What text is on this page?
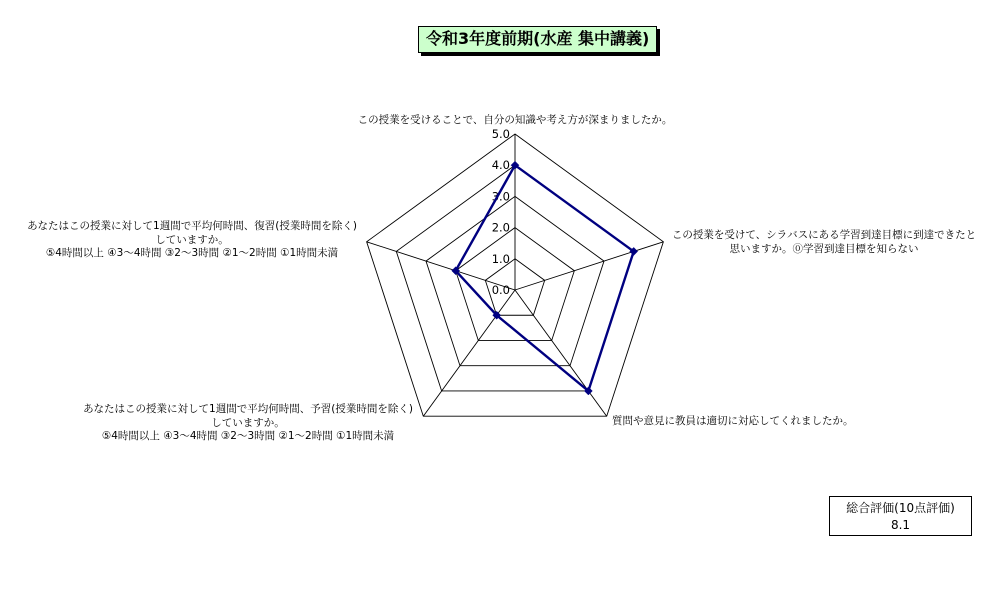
令和3年度前期(水産 集中講義)
0.0
1.0
2.0
3.0
4.0
5.0
この授業を受けることで、自分の知識や考え方が深まりましたか。
この授業を受けて、シラバスにある学習到達目標に到達できたと
思いますか。⓪学習到達目標を知らない
質問や意見に教員は適切に対応してくれましたか。
あなたはこの授業に対して1週間で平均何時間、予習(授業時間を除く)
していますか。
⑤4時間以上 ④3〜4時間 ③2〜3時間 ②1〜2時間 ①1時間未満
あなたはこの授業に対して1週間で平均何時間、復習(授業時間を除く)
していますか。
⑤4時間以上 ④3〜4時間 ③2〜3時間 ②1〜2時間 ①1時間未満
総合評価(10点評価)
8.1
